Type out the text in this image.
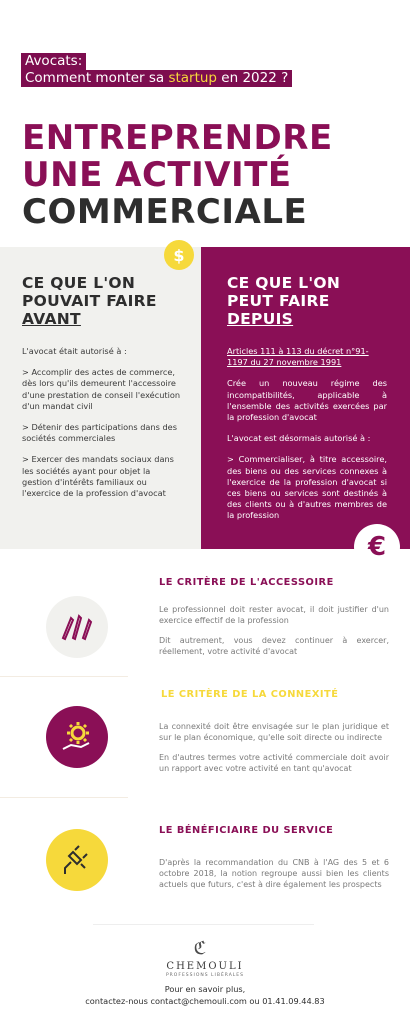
Avocats:
Comment monter sa startup en 2022 ?
ENTREPRENDRE
UNE ACTIVITÉ
COMMERCIALE
$
CE QUE L'ON
POUVAIT FAIRE
AVANT
CE QUE L'ON
PEUT FAIRE
DEPUIS

L'avocat était autorisé à :

> Accomplir des actes de commerce, dès lors qu'ils demeurent l'accessoire d'une prestation de conseil l'exécution d'un mandat civil

> Détenir des participations dans des sociétés commerciales

> Exercer des mandats sociaux dans les sociétés ayant pour objet la gestion d'intérêts familiaux ou l'exercice de la profession d'avocat

Articles 111 à 113 du décret n°91-1197 du 27 novembre 1991

Crée un nouveau régime des incompatibilités, applicable à l'ensemble des activités exercées par la profession d'avocat

L'avocat est désormais autorisé à :

> Commercialiser, à titre accessoire, des biens ou des services connexes à l'exercice de la profession d'avocat si ces biens ou services sont destinés à des clients ou à d'autres membres de la profession

€
LE CRITÈRE DE L'ACCESSOIRE

Le professionnel doit rester avocat, il doit justifier d'un exercice effectif de la profession

Dit autrement, vous devez continuer à exercer, réellement, votre activité d'avocat

LE CRITÈRE DE LA CONNEXITÉ

La connexité doit être envisagée sur le plan juridique et sur le plan économique, qu'elle soit directe ou indirecte

En d'autres termes votre activité commerciale doit avoir un rapport avec votre activité en tant qu'avocat

LE BÉNÉFICIAIRE DU SERVICE

D'après la recommandation du CNB à l'AG des 5 et 6 octobre 2018, la notion regroupe aussi bien les clients actuels que futurs, c'est à dire également les prospects

ℭ
CHEMOULI
PROFESSIONS LIBÉRALES
Pour en savoir plus,
contactez-nous contact@chemouli.com ou 01.41.09.44.83
